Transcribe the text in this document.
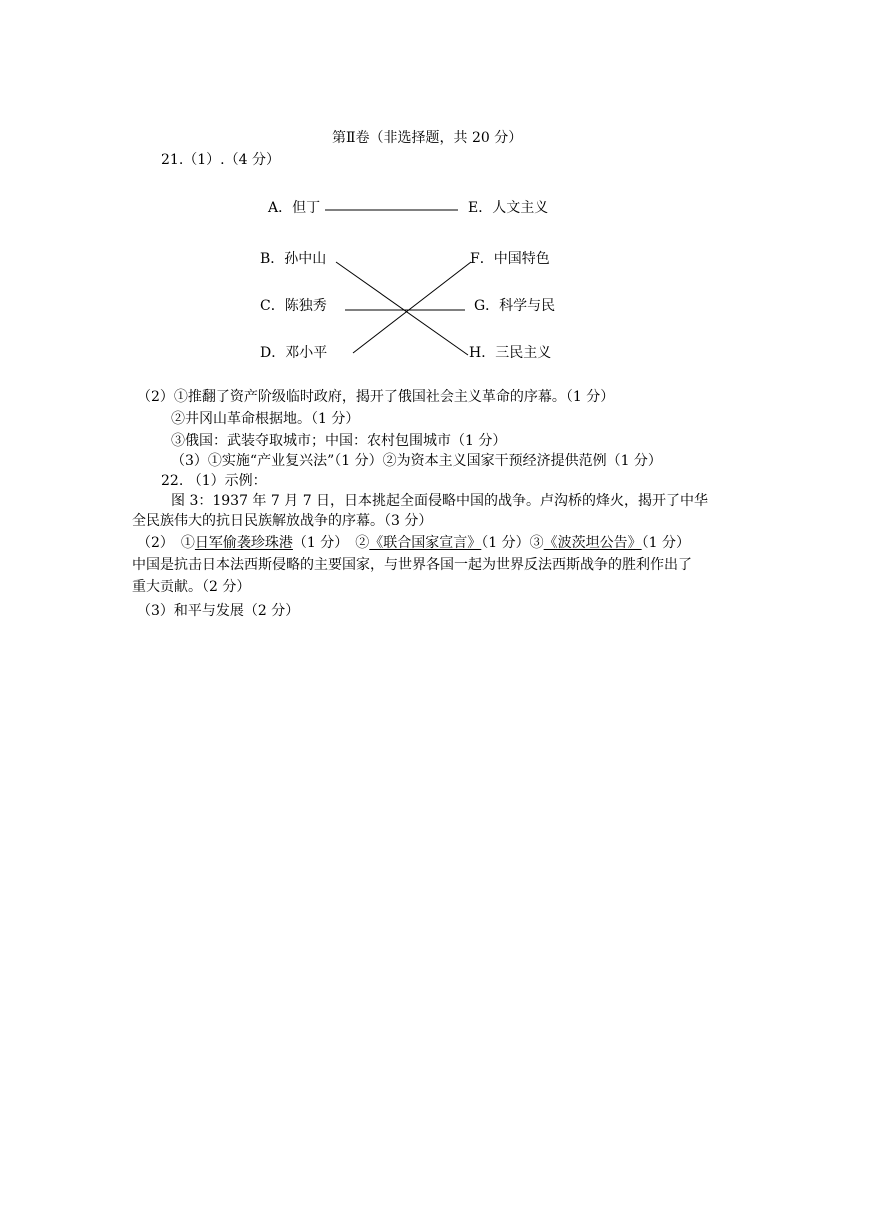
第Ⅱ卷（非选择题，共 20 分）
21.（1）.（4 分）
A．但丁	E．人文主义
B．孙中山	F．中国特色
C．陈独秀	G．科学与民
D．邓小平	H．三民主义
（2）①推翻了资产阶级临时政府，揭开了俄国社会主义革命的序幕。（1 分）
②井冈山革命根据地。（1 分）
③俄国：武装夺取城市；中国：农村包围城市（1 分）
（3）①实施“产业复兴法”（1 分）②为资本主义国家干预经济提供范例（1 分）
22. （1）示例：
图 3：1937 年 7 月 7 日，日本挑起全面侵略中国的战争。卢沟桥的烽火，揭开了中华
全民族伟大的抗日民族解放战争的序幕。（3 分）
（2）　①日军偷袭珍珠港（1 分）　②《联合国家宣言》（1 分）③《波茨坦公告》（1 分）
中国是抗击日本法西斯侵略的主要国家，与世界各国一起为世界反法西斯战争的胜利作出了
重大贡献。（2 分）
（3）和平与发展（2 分）
